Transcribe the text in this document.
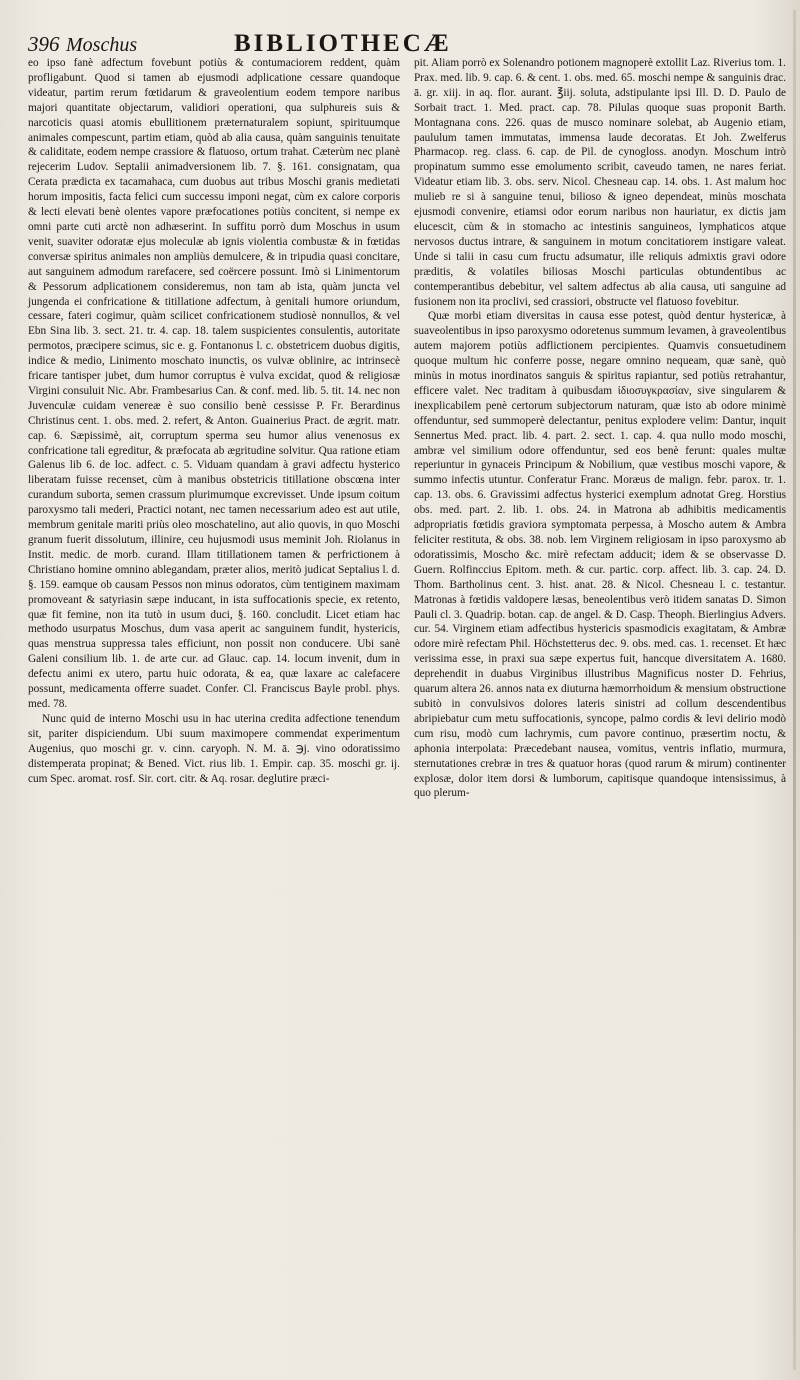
396 Moschus	BIBLIOTHECÆ

eo ipso fanè adfectum fovebunt potiùs & contumaciorem reddent, quàm profligabunt. Quod si tamen ab ejusmodi adplicatione cessare quandoque videatur, partim rerum fœtidarum & graveolentium eodem tempore naribus majori quantitate objectarum, validiori operationi, qua sulphureis suis & narcoticis quasi atomis ebullitionem præternaturalem sopiunt, spirituumque animales compescunt, partim etiam, quòd ab alia causa, quàm sanguinis tenuitate & caliditate, eodem nempe crassiore & flatuoso, ortum trahat. Cæterùm nec planè rejecerim Ludov. Septalii animadversionem lib. 7. §. 161. consignatam, qua Cerata prædicta ex tacamahaca, cum duobus aut tribus Moschi granis medietati horum impositis, facta felici cum successu imponi negat, cùm ex calore corporis & lecti elevati benè olentes vapore præfocationes potiùs concitent, si nempe ex omni parte cuti arctè non adhæserint. In suffitu porrò dum Moschus in usum venit, suaviter odoratæ ejus moleculæ ab ignis violentia combustæ & in fœtidas conversæ spiritus animales non ampliùs demulcere, & in tripudia quasi concitare, aut sanguinem admodum rarefacere, sed coërcere possunt. Imò si Linimentorum & Pessorum adplicationem consideremus, non tam ab ista, quàm juncta vel jungenda ei confricatione & titillatione adfectum, à genitali humore oriundum, cessare, fateri cogimur, quàm scilicet confricationem studiosè nonnullos, & vel Ebn Sina lib. 3. sect. 21. tr. 4. cap. 18. talem suspicientes consulentis, autoritate permotos, præcipere scimus, sic e. g. Fontanonus l. c. obstetricem duobus digitis, indice & medio, Linimento moschato inunctis, os vulvæ oblinire, ac intrinsecè fricare tantisper jubet, dum humor corruptus è vulva excidat, quod & religiosæ Virgini consuluit Nic. Abr. Frambesarius Can. & conf. med. lib. 5. tit. 14. nec non Juvenculæ cuidam venereæ è suo consilio benè cessisse P. Fr. Berardinus Christinus cent. 1. obs. med. 2. refert, & Anton. Guainerius Pract. de ægrit. matr. cap. 6. Sæpissimè, ait, corruptum sperma seu humor alius venenosus ex confricatione tali egreditur, & præfocata ab ægritudine solvitur. Qua ratione etiam Galenus lib 6. de loc. adfect. c. 5. Viduam quandam à gravi adfectu hysterico liberatam fuisse recenset, cùm à manibus obstetricis titillatione obscœna inter curandum suborta, semen crassum plurimumque excrevisset. Unde ipsum coitum paroxysmo tali mederi, Practici notant, nec tamen necessarium adeo est aut utile, membrum genitale mariti priùs oleo moschatelino, aut alio quovis, in quo Moschi granum fuerit dissolutum, illinire, ceu hujusmodi usus meminit Joh. Riolanus in Instit. medic. de morb. curand. Illam titillationem tamen & perfrictionem à Christiano homine omnino ablegandam, præter alios, meritò judicat Septalius l. d. §. 159. eamque ob causam Pessos non minus odoratos, cùm tentiginem maximam promoveant & satyriasin sæpe inducant, in ista suffocationis specie, ex retento, quæ fit femine, non ita tutò in usum duci, §. 160. concludit. Licet etiam hac methodo usurpatus Moschus, dum vasa aperit ac sanguinem fundit, hystericis, quas menstrua suppressa tales efficiunt, non possit non conducere. Ubi sanè Galeni consilium lib. 1. de arte cur. ad Glauc. cap. 14. locum invenit, dum in defectu animi ex utero, partu huic odorata, & ea, quæ laxare ac calefacere possunt, medicamenta offerre suadet. Confer. Cl. Franciscus Bayle probl. phys. med. 78.

Nunc quid de interno Moschi usu in hac uterina credita adfectione tenendum sit, pariter dispiciendum. Ubi suum maximopere commendat experimentum Augenius, quo moschi gr. v. cinn. caryoph. N. M. ā. ℈j. vino odoratissimo distemperata propinat; & Bened. Vict. rius lib. 1. Empir. cap. 35. moschi gr. ij. cum Spec. aromat. rosf. Sir. cort. citr. & Aq. rosar. deglutire præci-

pit. Aliam porrò ex Solenandro potionem magnoperè extollit Laz. Riverius tom. 1. Prax. med. lib. 9. cap. 6. & cent. 1. obs. med. 65. moschi nempe & sanguinis drac. ā. gr. xiij. in aq. flor. aurant. ℥iij. soluta, adstipulante ipsi Ill. D. D. Paulo de Sorbait tract. 1. Med. pract. cap. 78. Pilulas quoque suas proponit Barth. Montagnana cons. 226. quas de muscο nominare solebat, ab Augenio etiam, paululum tamen immutatas, immensa laude decoratas. Et Joh. Zwelferus Pharmacop. reg. class. 6. cap. de Pil. de cynogloss. anodyn. Moschum intrò propinatum summo esse emolumento scribit, caveudo tamen, ne nares feriat. Videatur etiam lib. 3. obs. serv. Nicol. Chesneau cap. 14. obs. 1. Ast malum hoc mulieb re si à sanguine tenui, bilioso & igneo dependeat, minùs moschata ejusmodi convenire, etiamsi odor eorum naribus non hauriatur, ex dictis jam elucescit, cùm & in stomacho ac intestinis sanguineos, lymphaticos atque nervosos ductus intrare, & sanguinem in motum concitatiorem instigare valeat. Unde si talii in casu cum fructu adsumatur, ille reliquis admixtis gravi odore præditis, & volatiles biliosas Moschi particulas obtundentibus ac contemperantibus debebitur, vel saltem adfectus ab alia causa, uti sanguine ad fusionem non ita proclivi, sed crassiori, obstructe vel flatuoso fovebitur.

Quæ morbi etiam diversitas in causa esse potest, quòd dentur hystericæ, à suaveolentibus in ipso paroxysmo odoretenus summum levamen, à graveolentibus autem majorem potiùs adflictionem percipientes. Quamvis consuetudinem quoque multum hic conferre posse, negare omnino nequeam, quæ sanè, quò minùs in motus inordinatos sanguis & spiritus rapiantur, sed potiùs retrahantur, efficere valet. Nec traditam à quibusdam ἰδιοσυγκρασίαν, sive singularem & inexplicabilem penè certorum subjectorum naturam, quæ isto ab odore minimè offenduntur, sed summoperè delectantur, penitus explodere velim: Dantur, inquit Sennertus Med. pract. lib. 4. part. 2. sect. 1. cap. 4. qua nullo modo moschi, ambræ vel similium odore offenduntur, sed eos benè ferunt: quales multæ reperiuntur in gynaceis Principum & Nobilium, quæ vestibus moschi vapore, & summo infectis utuntur. Conferatur Franc. Moræus de malign. febr. parox. tr. 1. cap. 13. obs. 6. Gravissimi adfectus hysterici exemplum adnotat Greg. Horstius obs. med. part. 2. lib. 1. obs. 24. in Matrona ab adhibitis medicamentis adpropriatis fœtidis graviora symptomata perpessa, à Moscho autem & Ambra feliciter restituta, & obs. 38. nob. lem Virginem religiosam in ipso paroxysmo ab odoratissimis, Moscho &c. mirè refectam adducit; idem & se observasse D. Guern. Rolfinccius Epitom. meth. & cur. partic. corp. affect. lib. 3. cap. 24. D. Thom. Bartholinus cent. 3. hist. anat. 28. & Nicol. Chesneau l. c. testantur. Matronas à fœtidis valdopere læsas, beneolentibus verò itidem sanatas D. Simon Pauli cl. 3. Quadrip. botan. cap. de angel. & D. Casp. Theoph. Bierlingius Advers. cur. 54. Virginem etiam adfectibus hystericis spasmodicis exagitatam, & Ambræ odore mirè refectam Phil. Höchstetterus dec. 9. obs. med. cas. 1. recenset. Et hæc verissima esse, in praxi sua sæpe expertus fuit, hancque diversitatem A. 1680. deprehendit in duabus Virginibus illustribus Magnificus noster D. Fehrius, quarum altera 26. annos nata ex diuturna hæmorrhoidum & mensium obstructione subitò in convulsivos dolores lateris sinistri ad collum descendentibus abripiebatur cum metu suffocationis, syncope, palmo cordis & levi delirio modò cum risu, modò cum lachrymis, cum pavore continuo, præsertim noctu, & aphonia interpolata: Præcedebant nausea, vomitus, ventris inflatio, murmura, sternutationes crebræ in tres & quatuor horas (quod rarum & mirum) continenter explosæ, dolor item dorsi & lumborum, capitisque quandoque intensissimus, à quo plerum-
